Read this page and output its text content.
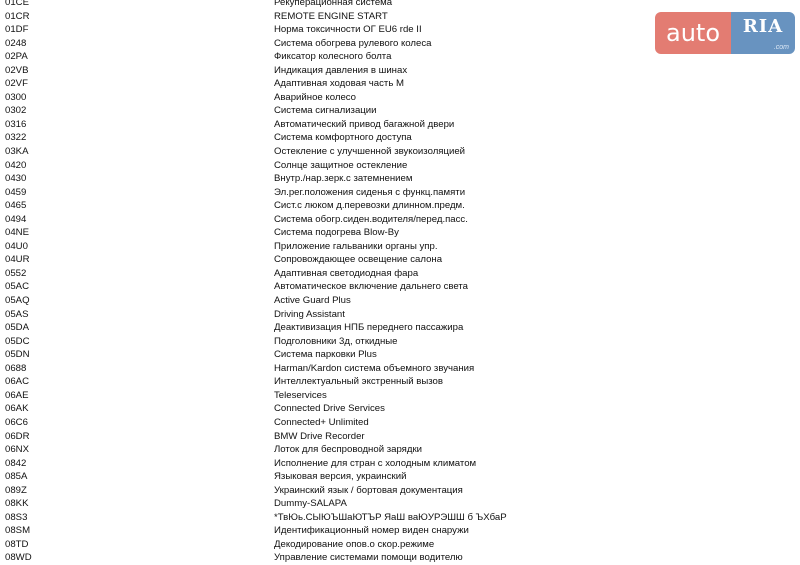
01CE	Рекуперационная система
01CR	REMOTE ENGINE START
01DF	Норма токсичности ОГ EU6 rde II
0248	Система обогрева рулевого колеса
02PA	Фиксатор колесного болта
02VB	Индикация давления в шинах
02VF	Адаптивная ходовая часть M
0300	Аварийное колесо
0302	Система сигнализации
0316	Автоматический привод багажной двери
0322	Система комфортного доступа
03KA	Остекление с улучшенной звукоизоляцией
0420	Солнце защитное остекление
0430	Внутр./нар.зерк.с затемнением
0459	Эл.рег.положения сиденья с функц.памяти
0465	Сист.с люком д.перевозки длинном.предм.
0494	Система обогр.сиден.водителя/перед.пасс.
04NE	Система подогрева Blow-By
04U0	Приложение гальваники органы упр.
04UR	Сопровождающее освещение салона
0552	Адаптивная светодиодная фара
05AC	Автоматическое включение дальнего света
05AQ	Active Guard Plus
05AS	Driving Assistant
05DA	Деактивизация НПБ переднего пассажира
05DC	Подголовники 3д, откидные
05DN	Система парковки Plus
0688	Harman/Kardon система объемного звучания
06AC	Интеллектуальный экстренный вызов
06AE	Teleservices
06AK	Connected Drive Services
06C6	Connected+ Unlimited
06DR	BMW Drive Recorder
06NX	Лоток для беспроводной зарядки
0842	Исполнение для стран с холодным климатом
085A	Языковая версия, украинский
089Z	Украинский язык / бортовая документация
08KK	Dummy-SALAPA
08S3	*ТвЮь.СЫЮЪШаЮТЪР ЯаШ ваЮУРЭШШ б ЪХбаР
08SM	Идентификационный номер виден снаружи
08TD	Декодирование опов.о скор.режиме
08WD	Управление системами помощи водителю
auto	RIA
.com
